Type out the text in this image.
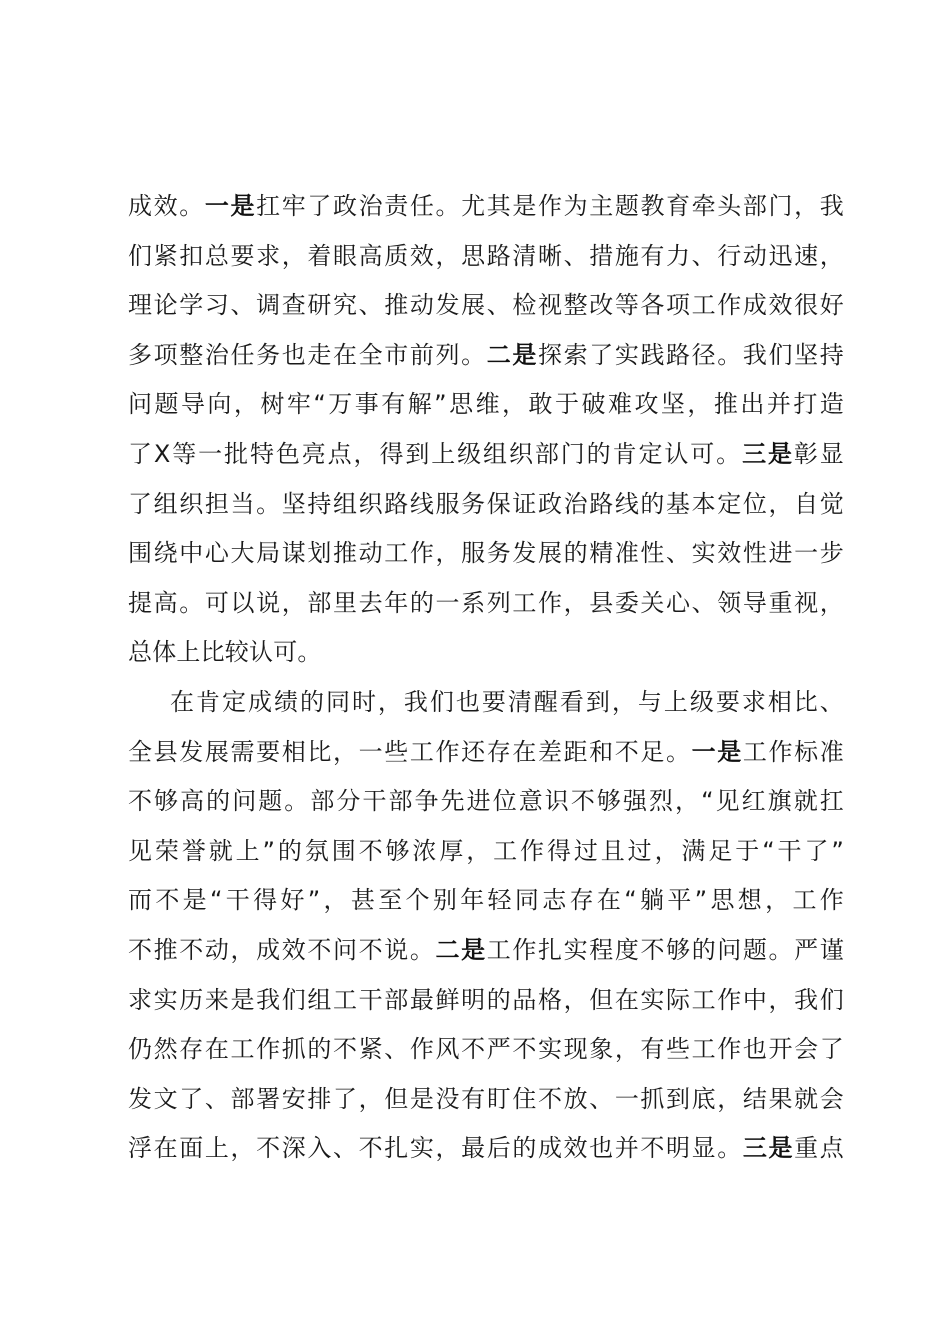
成效。一是扛牢了政治责任。尤其是作为主题教育牵头部门，我
们紧扣总要求，着眼高质效，思路清晰、措施有力、行动迅速，
理论学习、调查研究、推动发展、检视整改等各项工作成效很好
多项整治任务也走在全市前列。二是探索了实践路径。我们坚持
问题导向，树牢“万事有解”思维，敢于破难攻坚，推出并打造
了X等一批特色亮点，得到上级组织部门的肯定认可。三是彰显
了组织担当。坚持组织路线服务保证政治路线的基本定位，自觉
围绕中心大局谋划推动工作，服务发展的精准性、实效性进一步
提高。可以说，部里去年的一系列工作，县委关心、领导重视，
总体上比较认可。
在肯定成绩的同时，我们也要清醒看到，与上级要求相比、
全县发展需要相比，一些工作还存在差距和不足。一是工作标准
不够高的问题。部分干部争先进位意识不够强烈，“见红旗就扛
见荣誉就上”的氛围不够浓厚，工作得过且过，满足于“干了”
而不是“干得好”，甚至个别年轻同志存在“躺平”思想，工作
不推不动，成效不问不说。二是工作扎实程度不够的问题。严谨
求实历来是我们组工干部最鲜明的品格，但在实际工作中，我们
仍然存在工作抓的不紧、作风不严不实现象，有些工作也开会了
发文了、部署安排了，但是没有盯住不放、一抓到底，结果就会
浮在面上，不深入、不扎实，最后的成效也并不明显。三是重点
